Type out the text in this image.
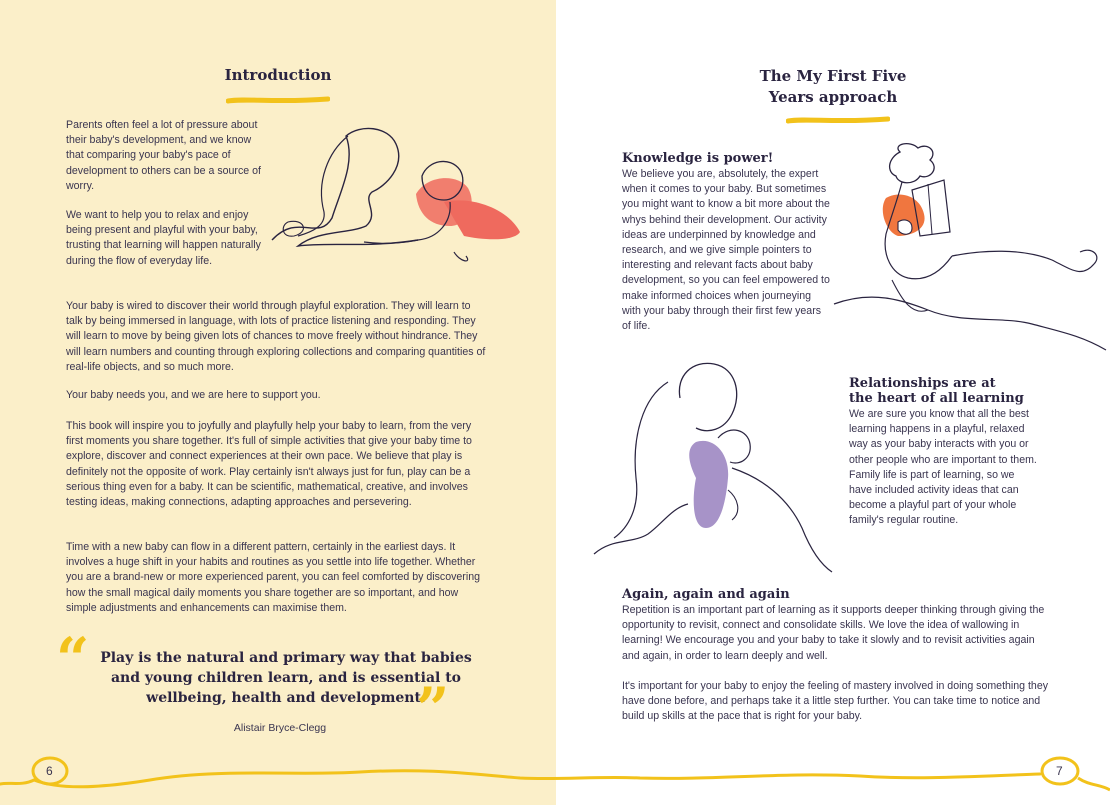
Introduction
Parents often feel a lot of pressure about their baby's development, and we know that comparing your baby's pace of development to others can be a source of worry.
We want to help you to relax and enjoy being present and playful with your baby, trusting that learning will happen naturally during the flow of everyday life.
Your baby is wired to discover their world through playful exploration. They will learn to talk by being immersed in language, with lots of practice listening and responding. They will learn to move by being given lots of chances to move freely without hindrance. They will learn numbers and counting through exploring collections and comparing quantities of real-life objects, and so much more.
Your baby needs you, and we are here to support you.
This book will inspire you to joyfully and playfully help your baby to learn, from the very first moments you share together. It's full of simple activities that give your baby time to explore, discover and connect experiences at their own pace. We believe that play is definitely not the opposite of work. Play certainly isn't always just for fun, play can be a serious thing even for a baby. It can be scientific, mathematical, creative, and involves testing ideas, making connections, adapting approaches and persevering.
Time with a new baby can flow in a different pattern, certainly in the earliest days. It involves a huge shift in your habits and routines as you settle into life together. Whether you are a brand-new or more experienced parent, you can feel comforted by discovering how the small magical daily moments you share together are so important, and how simple adjustments and enhancements can maximise them.
“ Play is the natural and primary way that babies and young children learn, and is essential to wellbeing, health and development.
”
Alistair Bryce-Clegg
6
The My First Five
Years approach
Knowledge is power!
We believe you are, absolutely, the expert when it comes to your baby. But sometimes you might want to know a bit more about the whys behind their development. Our activity ideas are underpinned by knowledge and research, and we give simple pointers to interesting and relevant facts about baby development, so you can feel empowered to make informed choices when journeying with your baby through their first few years of life.
Relationships are at
the heart of all learning
We are sure you know that all the best learning happens in a playful, relaxed way as your baby interacts with you or other people who are important to them. Family life is part of learning, so we have included activity ideas that can become a playful part of your whole family's regular routine.
Again, again and again
Repetition is an important part of learning as it supports deeper thinking through giving the opportunity to revisit, connect and consolidate skills. We love the idea of wallowing in learning! We encourage you and your baby to take it slowly and to revisit activities again and again, in order to learn deeply and well.
It's important for your baby to enjoy the feeling of mastery involved in doing something they have done before, and perhaps take it a little step further. You can take time to notice and build up skills at the pace that is right for your baby.
7
